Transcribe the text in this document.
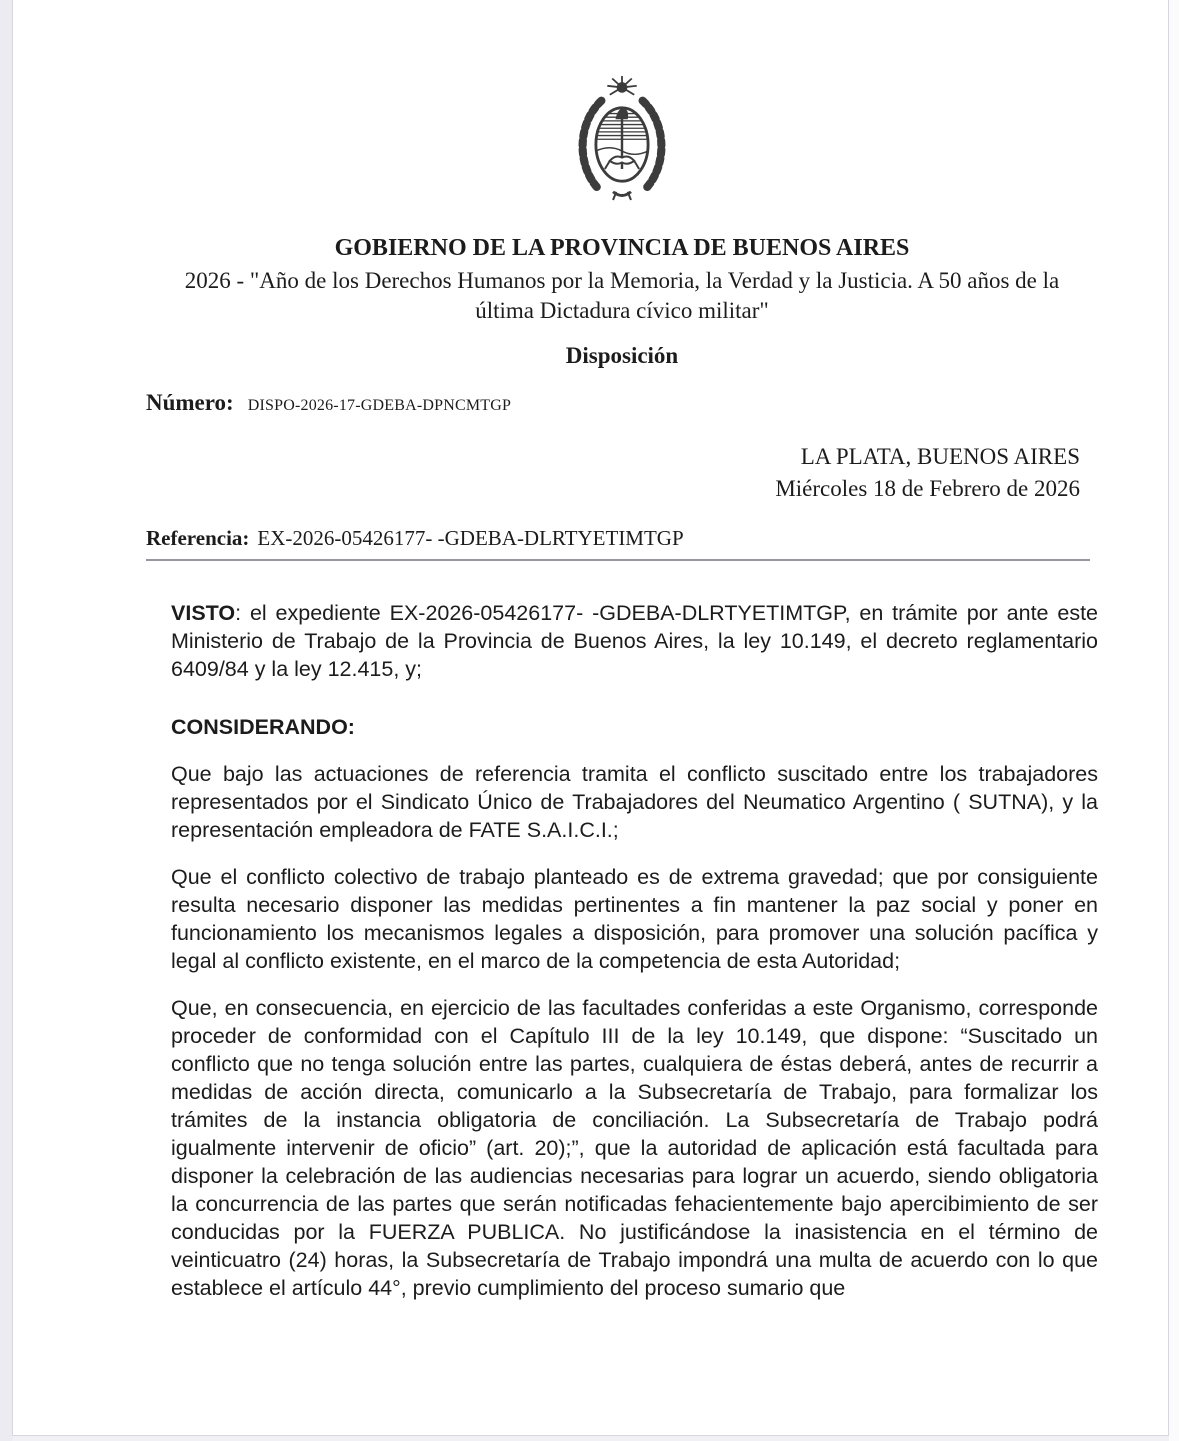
GOBIERNO DE LA PROVINCIA DE BUENOS AIRES
2026 - "Año de los Derechos Humanos por la Memoria, la Verdad y la Justicia. A 50 años de la última Dictadura cívico militar"
Disposición
Número: DISPO-2026-17-GDEBA-DPNCMTGP
LA PLATA, BUENOS AIRES
Miércoles 18 de Febrero de 2026
Referencia: EX-2026-05426177- -GDEBA-DLRTYETIMTGP

VISTO: el expediente EX-2026-05426177- -GDEBA-DLRTYETIMTGP, en trámite por ante este Ministerio de Trabajo de la Provincia de Buenos Aires, la ley 10.149, el decreto reglamentario 6409/84 y la ley 12.415, y;

CONSIDERANDO:

Que bajo las actuaciones de referencia tramita el conflicto suscitado entre los trabajadores representados por el Sindicato Único de Trabajadores del Neumatico Argentino ( SUTNA), y la representación empleadora de FATE S.A.I.C.I.;

Que el conflicto colectivo de trabajo planteado es de extrema gravedad; que por consiguiente resulta necesario disponer las medidas pertinentes a fin mantener la paz social y poner en funcionamiento los mecanismos legales a disposición, para promover una solución pacífica y legal al conflicto existente, en el marco de la competencia de esta Autoridad;

Que, en consecuencia, en ejercicio de las facultades conferidas a este Organismo, corresponde proceder de conformidad con el Capítulo III de la ley 10.149, que dispone: “Suscitado un conflicto que no tenga solución entre las partes, cualquiera de éstas deberá, antes de recurrir a medidas de acción directa, comunicarlo a la Subsecretaría de Trabajo, para formalizar los trámites de la instancia obligatoria de conciliación. La Subsecretaría de Trabajo podrá igualmente intervenir de oficio” (art. 20);”, que la autoridad de aplicación está facultada para disponer la celebración de las audiencias necesarias para lograr un acuerdo, siendo obligatoria la concurrencia de las partes que serán notificadas fehacientemente bajo apercibimiento de ser conducidas por la FUERZA PUBLICA. No justificándose la inasistencia en el término de veinticuatro (24) horas, la Subsecretaría de Trabajo impondrá una multa de acuerdo con lo que establece el artículo 44°, previo cumplimiento del proceso sumario que
